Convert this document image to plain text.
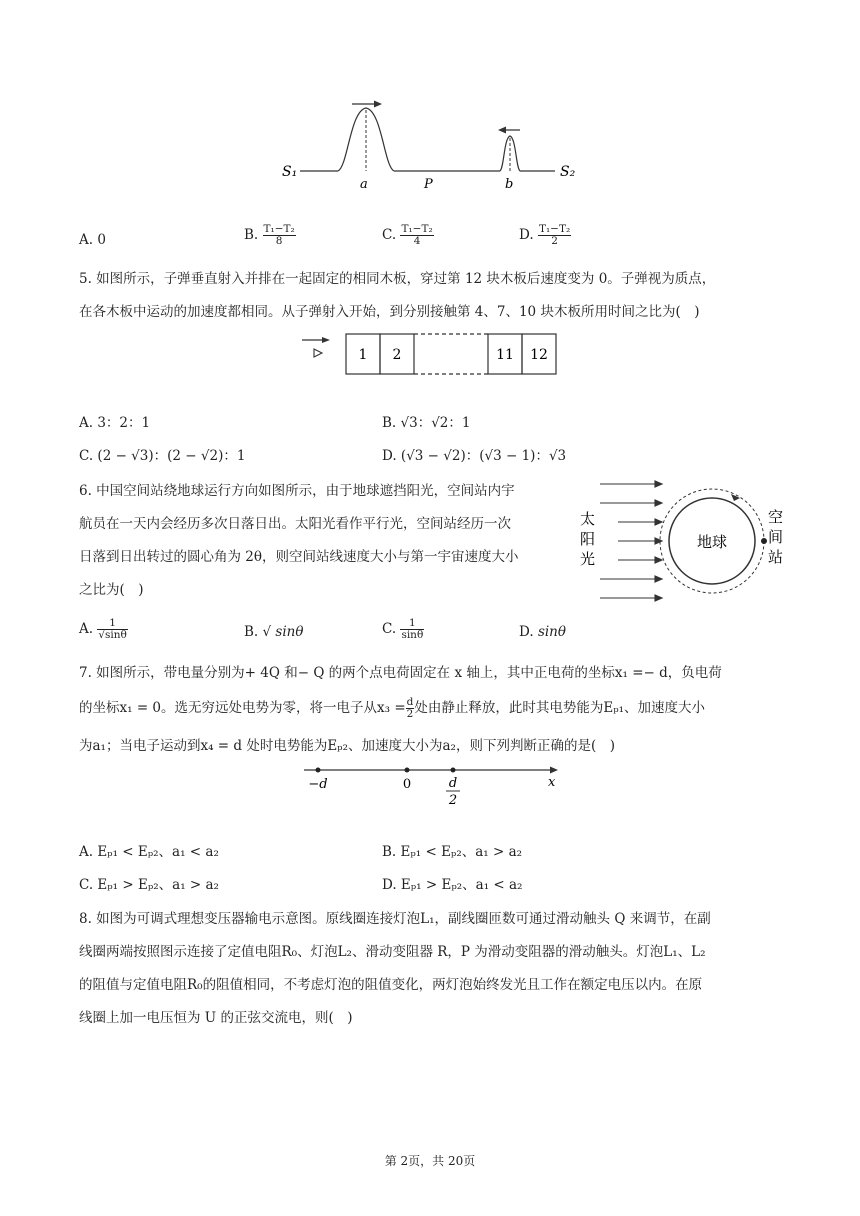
S₁
a	P	b
S₂
A. 0	B. $\frac{\text{T₁−T₂}}{8}$	C. $\frac{\text{T₁−T₂}}{4}$	D. $\frac{\text{T₁−T₂}}{2}$
5. 如图所示，子弹垂直射入并排在一起固定的相同木板，穿过第 12 块木板后速度变为 0。子弹视为质点，
在各木板中运动的加速度都相同。从子弹射入开始，到分别接触第 4、7、10 块木板所用时间之比为(　)
1 2	11 12
A. 3：2：1	B. √3：√2：1
C. (2 − √3)：(2 − √2)：1	D. (√3 − √2)：(√3 − 1)：√3
6. 中国空间站绕地球运行方向如图所示，由于地球遮挡阳光，空间站内宇
航员在一天内会经历多次日落日出。太阳光看作平行光，空间站经历一次
日落到日出转过的圆心角为 2θ，则空间站线速度大小与第一宇宙速度大小
之比为(　)
太
阳
光
地球
空
间
站
A. $\frac{1}{√\sin\theta}$	B. √ sinθ	C. $\frac{1}{\sin\theta}$	D. sinθ
7. 如图所示，带电量分别为+ 4Q 和− Q 的两个点电荷固定在 x 轴上，其中正电荷的坐标x₁ =− d，负电荷
的坐标x₁ = 0。选无穷远处电势为零，将一电子从$x_3 = \frac{d}{2}$ 处由静止释放，此时其电势能为Eₚ₁、加速度大小
为a₁；当电子运动到x₄ = d 处时电势能为Eₚ₂、加速度大小为a₂，则下列判断正确的是(　)
−d	0	d
2
x
A. Eₚ₁ < Eₚ₂、a₁ < a₂	B. Eₚ₁ < Eₚ₂、a₁ > a₂
C. Eₚ₁ > Eₚ₂、a₁ > a₂	D. Eₚ₁ > Eₚ₂、a₁ < a₂
8. 如图为可调式理想变压器输电示意图。原线圈连接灯泡L₁，副线圈匝数可通过滑动触头 Q 来调节，在副
线圈两端按照图示连接了定值电阻R₀、灯泡L₂、滑动变阻器 R，P 为滑动变阻器的滑动触头。灯泡L₁、L₂
的阻值与定值电阻R₀的阻值相同，不考虑灯泡的阻值变化，两灯泡始终发光且工作在额定电压以内。在原
线圈上加一电压恒为 U 的正弦交流电，则(　)
第 2页，共 20页
